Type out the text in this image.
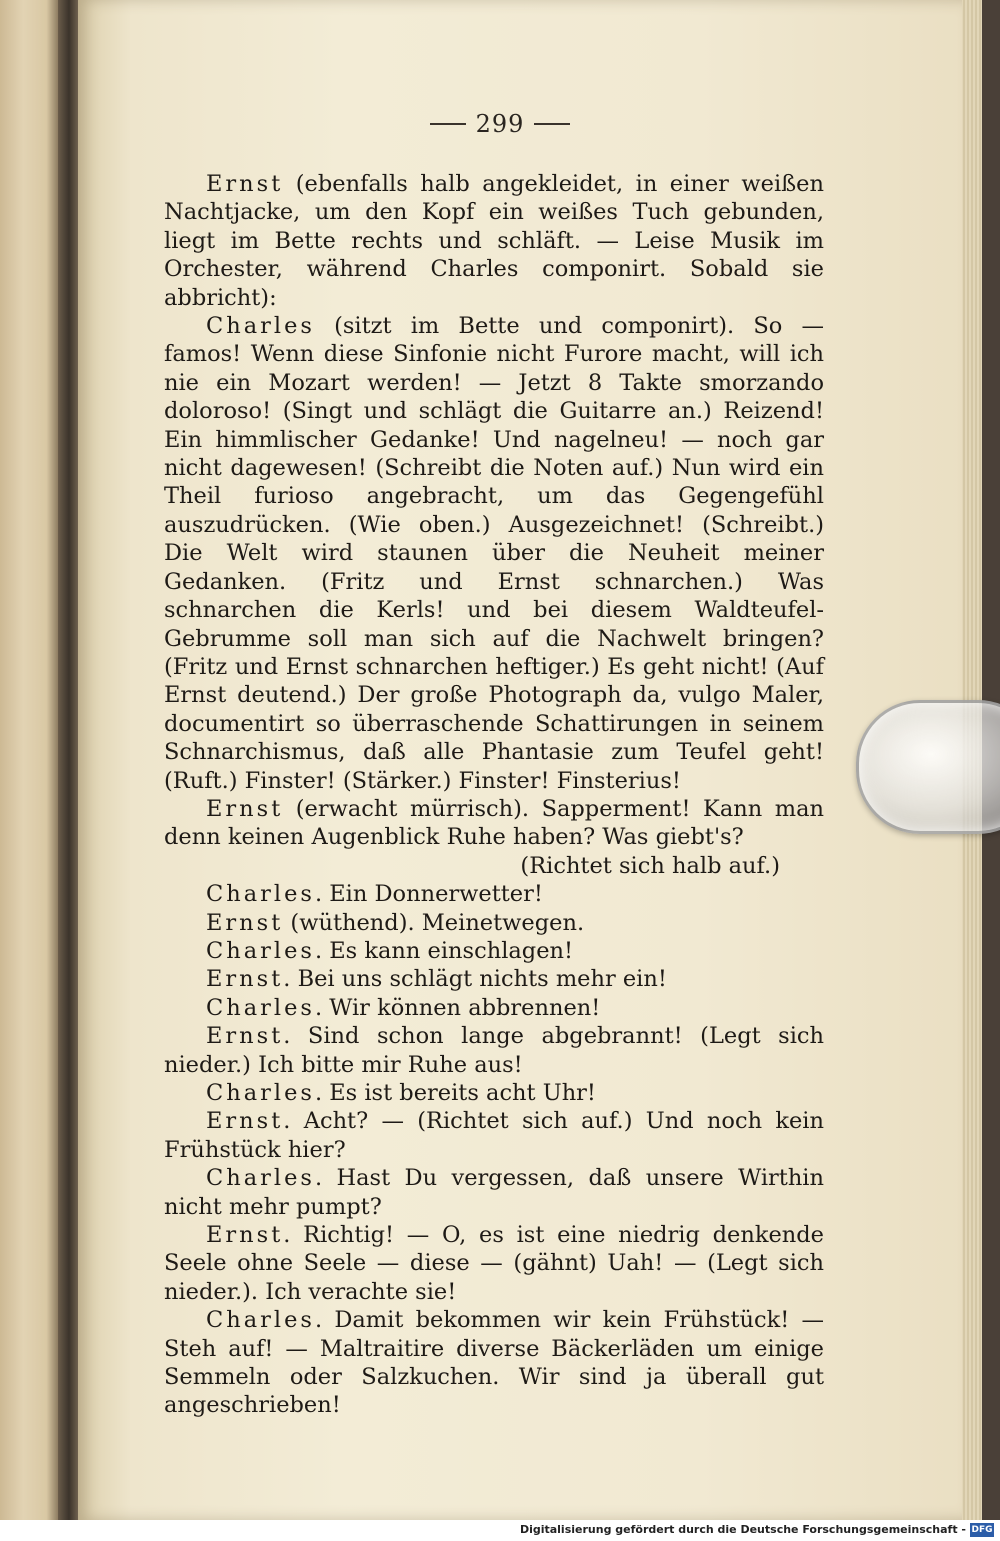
299

Ernst (ebenfalls halb angekleidet, in einer weißen Nachtjacke, um den Kopf ein weißes Tuch gebunden, liegt im Bette rechts und schläft. — Leise Musik im Orchester, während Charles componirt. Sobald sie abbricht):

Charles (sitzt im Bette und componirt). So — famos! Wenn diese Sinfonie nicht Furore macht, will ich nie ein Mozart werden! — Jetzt 8 Takte smorzando doloroso! (Singt und schlägt die Guitarre an.) Reizend! Ein himmlischer Gedanke! Und nagelneu! — noch gar nicht dagewesen! (Schreibt die Noten auf.) Nun wird ein Theil furioso angebracht, um das Gegengefühl auszudrücken. (Wie oben.) Ausgezeichnet! (Schreibt.) Die Welt wird staunen über die Neuheit meiner Gedanken. (Fritz und Ernst schnarchen.) Was schnarchen die Kerls! und bei diesem Waldteufel-Gebrumme soll man sich auf die Nachwelt bringen? (Fritz und Ernst schnarchen heftiger.) Es geht nicht! (Auf Ernst deutend.) Der große Photograph da, vulgo Maler, documentirt so überraschende Schattirungen in seinem Schnarchismus, daß alle Phantasie zum Teufel geht! (Ruft.) Finster! (Stärker.) Finster! Finsterius!

Ernst (erwacht mürrisch). Sapperment! Kann man denn keinen Augenblick Ruhe haben? Was giebt's?

(Richtet sich halb auf.)

Charles. Ein Donnerwetter!

Ernst (wüthend). Meinetwegen.

Charles. Es kann einschlagen!

Ernst. Bei uns schlägt nichts mehr ein!

Charles. Wir können abbrennen!

Ernst. Sind schon lange abgebrannt! (Legt sich nieder.) Ich bitte mir Ruhe aus!

Charles. Es ist bereits acht Uhr!

Ernst. Acht? — (Richtet sich auf.) Und noch kein Frühstück hier?

Charles. Hast Du vergessen, daß unsere Wirthin nicht mehr pumpt?

Ernst. Richtig! — O, es ist eine niedrig denkende Seele ohne Seele — diese — (gähnt) Uah! — (Legt sich nieder.). Ich verachte sie!

Charles. Damit bekommen wir kein Frühstück! — Steh auf! — Maltraitire diverse Bäckerläden um einige Semmeln oder Salzkuchen. Wir sind ja überall gut angeschrieben!

Digitalisierung gefördert durch die Deutsche Forschungsgemeinschaft - DFG
